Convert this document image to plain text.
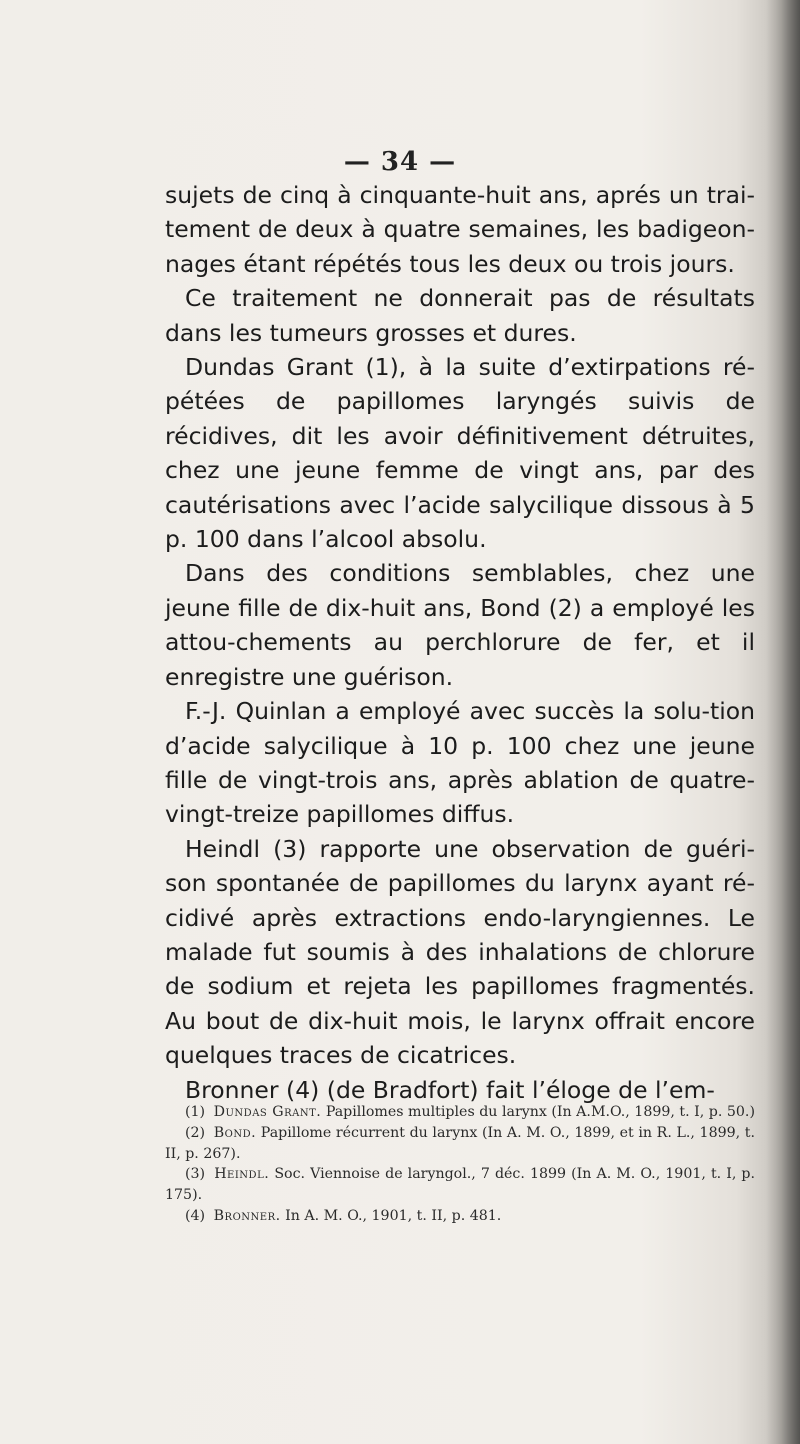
— 34 —

sujets de cinq à cinquante-huit ans, aprés un trai-tement de deux à quatre semaines, les badigeon-nages étant répétés tous les deux ou trois jours.

Ce traitement ne donnerait pas de résultats dans les tumeurs grosses et dures.

Dundas Grant (1), à la suite d’extirpations ré-pétées de papillomes laryngés suivis de récidives, dit les avoir définitivement détruites, chez une jeune femme de vingt ans, par des cautérisations avec l’acide salycilique dissous à 5 p. 100 dans l’alcool absolu.

Dans des conditions semblables, chez une jeune fille de dix-huit ans, Bond (2) a employé les attou-chements au perchlorure de fer, et il enregistre une guérison.

F.-J. Quinlan a employé avec succès la solu-tion d’acide salycilique à 10 p. 100 chez une jeune fille de vingt-trois ans, après ablation de quatre-vingt-treize papillomes diffus.

Heindl (3) rapporte une observation de guéri-son spontanée de papillomes du larynx ayant ré-cidivé après extractions endo-laryngiennes. Le malade fut soumis à des inhalations de chlorure de sodium et rejeta les papillomes fragmentés. Au bout de dix-huit mois, le larynx offrait encore quelques traces de cicatrices.

Bronner (4) (de Bradfort) fait l’éloge de l’em-

(1) Dundas Grant. Papillomes multiples du larynx (In A.M.O., 1899, t. I, p. 50.)

(2) Bond. Papillome récurrent du larynx (In A. M. O., 1899, et in R. L., 1899, t. II, p. 267).

(3) Heindl. Soc. Viennoise de laryngol., 7 déc. 1899 (In A. M. O., 1901, t. I, p. 175).

(4) Bronner. In A. M. O., 1901, t. II, p. 481.
